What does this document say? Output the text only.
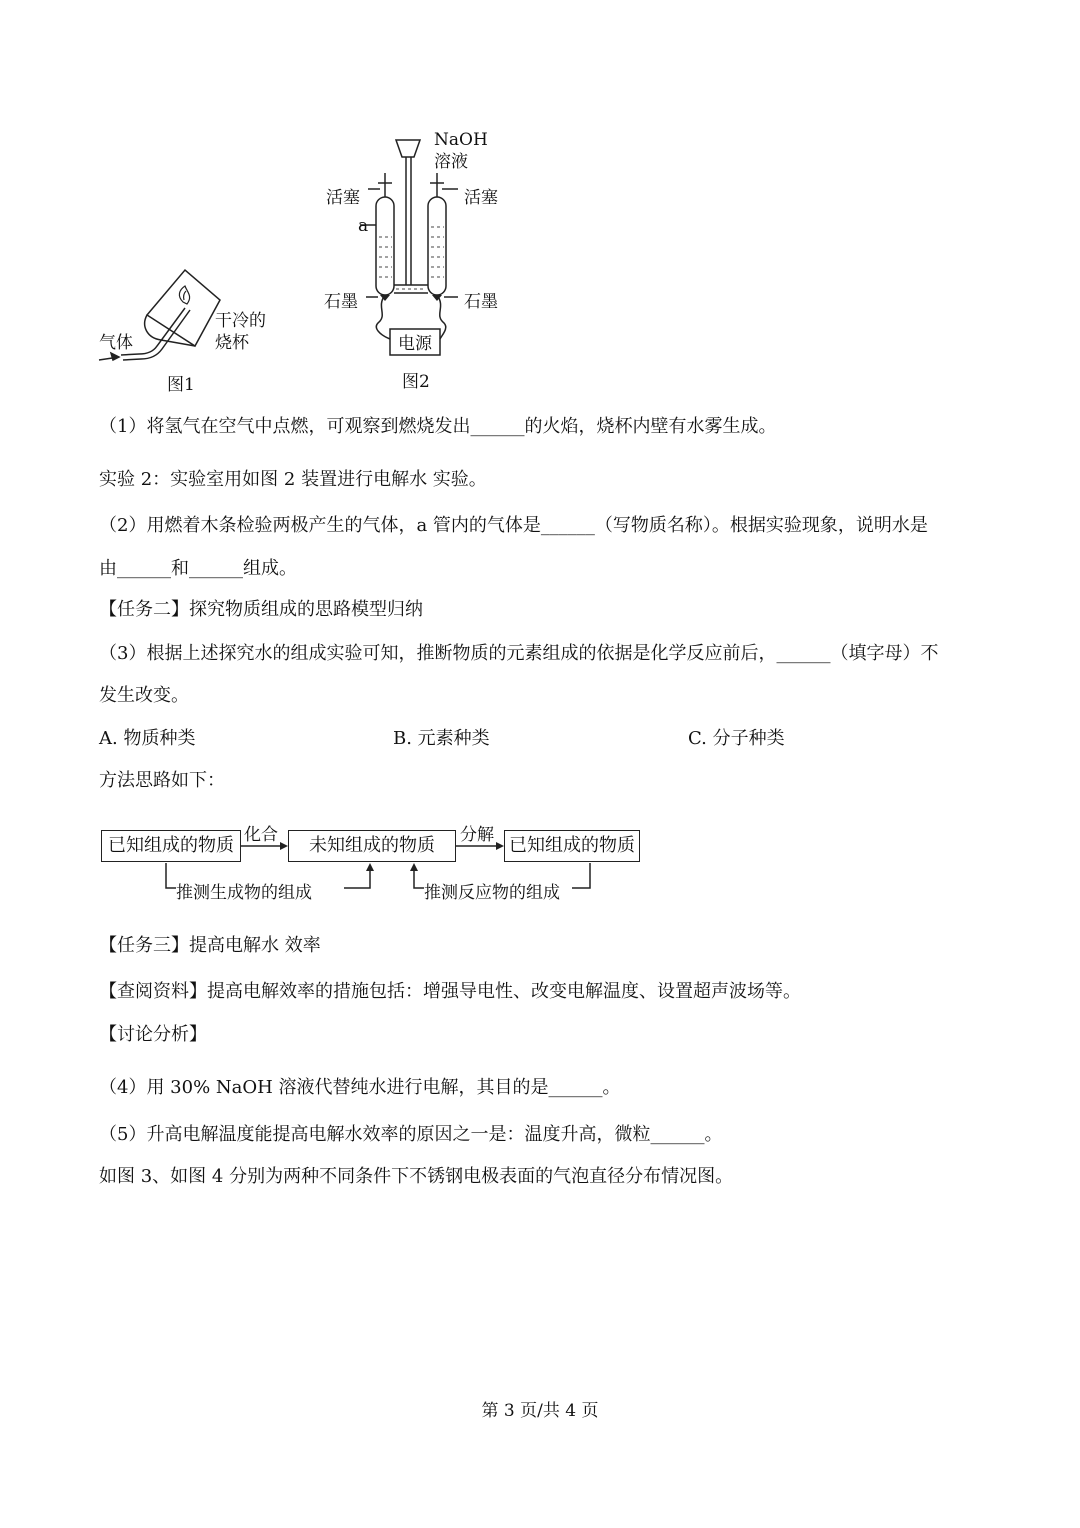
气体
干冷的
烧杯
图1
NaOH
溶液
活塞	活塞
a
石墨	石墨
电源
图2
（1）将氢气在空气中点燃，可观察到燃烧发出______的火焰，烧杯内壁有水雾生成。
实验 2：实验室用如图 2 装置进行电解水 实验。
（2）用燃着木条检验两极产生的气体，a 管内的气体是______（写物质名称）。根据实验现象，说明水是
由______和______组成。
【任务二】探究物质组成的思路模型归纳
（3）根据上述探究水的组成实验可知，推断物质的元素组成的依据是化学反应前后，______（填字母）不
发生改变。
A. 物质种类	B. 元素种类	C. 分子种类
方法思路如下：
已知组成的物质	未知组成的物质	已知组成的物质
化合	分解
推测生成物的组成	推测反应物的组成
【任务三】提高电解水 效率
【查阅资料】提高电解效率的措施包括：增强导电性、改变电解温度、设置超声波场等。
【讨论分析】
（4）用 30% NaOH 溶液代替纯水进行电解，其目的是______。
（5）升高电解温度能提高电解水效率的原因之一是：温度升高，微粒______。
如图 3、如图 4 分别为两种不同条件下不锈钢电极表面的气泡直径分布情况图。
第 3 页/共 4 页
